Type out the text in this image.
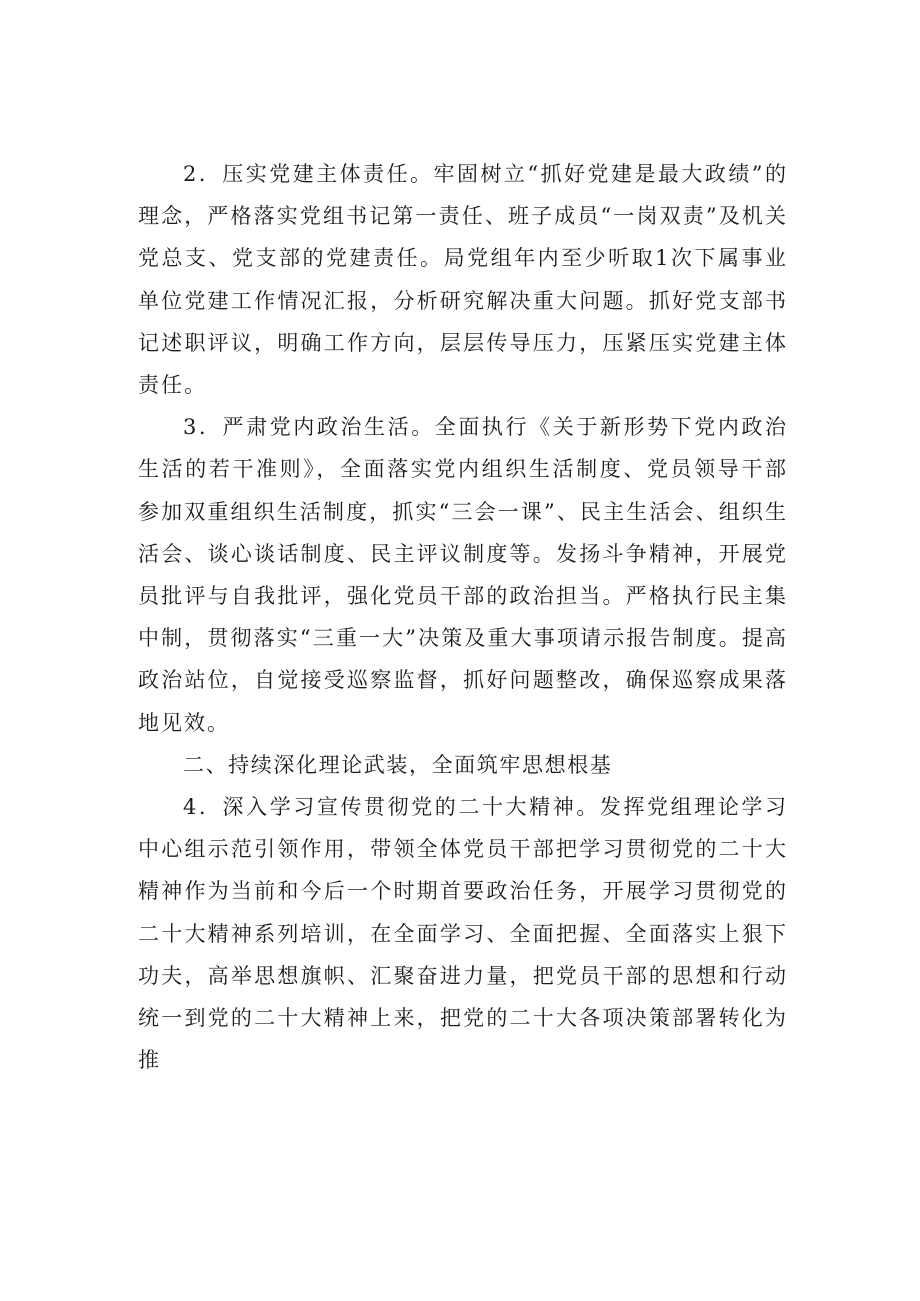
2．压实党建主体责任。牢固树立“抓好党建是最大政绩”的理念，严格落实党组书记第一责任、班子成员“一岗双责”及机关党总支、党支部的党建责任。局党组年内至少听取1次下属事业单位党建工作情况汇报，分析研究解决重大问题。抓好党支部书记述职评议，明确工作方向，层层传导压力，压紧压实党建主体责任。

3．严肃党内政治生活。全面执行《关于新形势下党内政治生活的若干准则》，全面落实党内组织生活制度、党员领导干部参加双重组织生活制度，抓实“三会一课”、民主生活会、组织生活会、谈心谈话制度、民主评议制度等。发扬斗争精神，开展党员批评与自我批评，强化党员干部的政治担当。严格执行民主集中制，贯彻落实“三重一大”决策及重大事项请示报告制度。提高政治站位，自觉接受巡察监督，抓好问题整改，确保巡察成果落地见效。

二、持续深化理论武装，全面筑牢思想根基

4．深入学习宣传贯彻党的二十大精神。发挥党组理论学习中心组示范引领作用，带领全体党员干部把学习贯彻党的二十大精神作为当前和今后一个时期首要政治任务，开展学习贯彻党的二十大精神系列培训，在全面学习、全面把握、全面落实上狠下功夫，高举思想旗帜、汇聚奋进力量，把党员干部的思想和行动统一到党的二十大精神上来，把党的二十大各项决策部署转化为推
